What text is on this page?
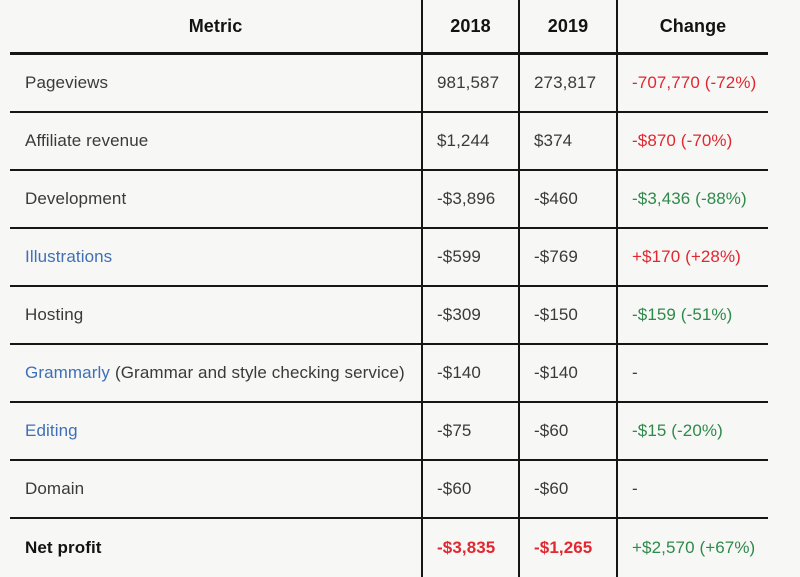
Metric	2018	2019	Change
Pageviews	981,587	273,817	-707,770 (-72%)
Affiliate revenue	$1,244	$374	-$870 (-70%)
Development	-$3,896	-$460	-$3,436 (-88%)
Illustrations	-$599	-$769	+$170 (+28%)
Hosting	-$309	-$150	-$159 (-51%)
Grammarly (Grammar and style checking service)	-$140	-$140	-
Editing	-$75	-$60	-$15 (-20%)
Domain	-$60	-$60	-
Net profit	-$3,835	-$1,265	+$2,570 (+67%)
